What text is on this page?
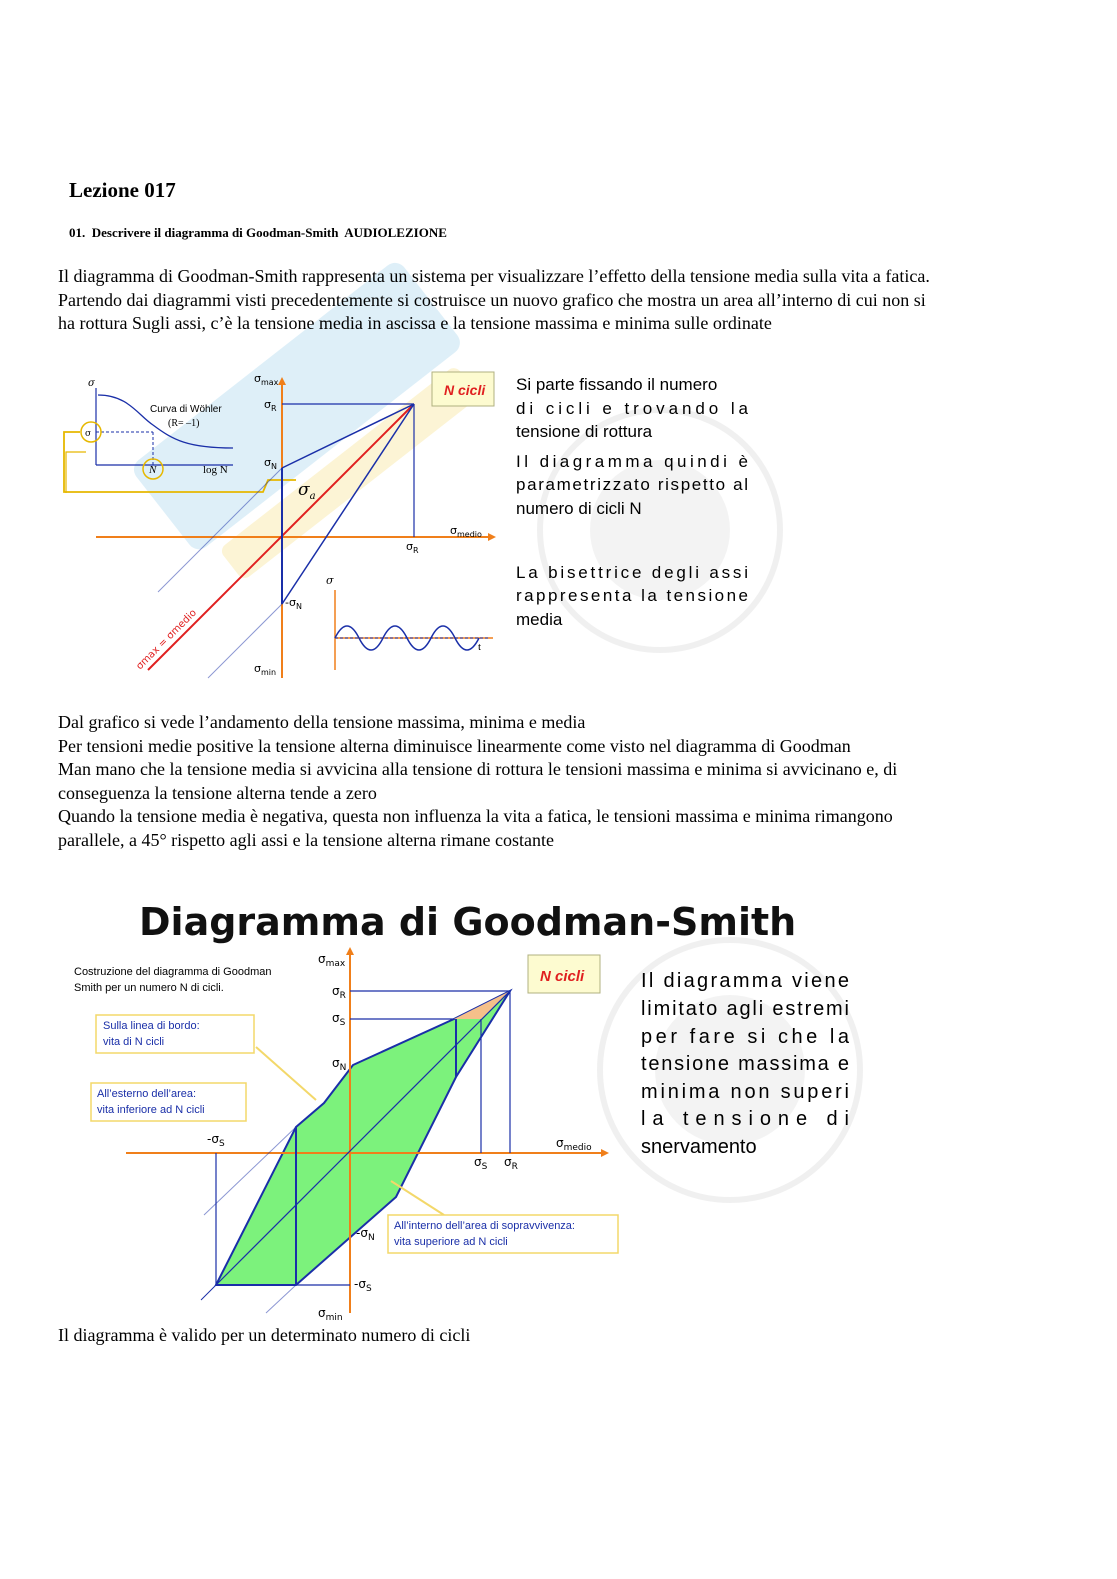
Lezione 017
01. Descrivere il diagramma di Goodman-Smith AUDIOLEZIONE

Il diagramma di Goodman-Smith rappresenta un sistema per visualizzare l’effetto della tensione media sulla vita a fatica.

Partendo dai diagrammi visti precedentemente si costruisce un nuovo grafico che mostra un area all’interno di cui non si

ha rottura Sugli assi, c’è la tensione media in ascissa e la tensione massima e minima sulle ordinate

σ
σ
Curva di Wöhler
(R= –1)
N	log N
$\sigma_{max}$
$\sigma_R$
$\sigma_N$
$\sigma_a$
$\sigma_{medio}$
$\sigma_R$
$-\sigma_N$
$\sigma_{min}$
σmax = σmedio
σ
t
N cicli Si parte fissando il numero
di cicli e trovando la
tensione di rottura
Il diagramma quindi è
parametrizzato rispetto al
numero di cicli N
La bisettrice degli assi
rappresenta la tensione
media

Dal grafico si vede l’andamento della tensione massima, minima e media

Per tensioni medie positive la tensione alterna diminuisce linearmente come visto nel diagramma di Goodman

Man mano che la tensione media si avvicina alla tensione di rottura le tensioni massima e minima si avvicinano e, di

conseguenza la tensione alterna tende a zero

Quando la tensione media è negativa, questa non influenza la vita a fatica, le tensioni massima e minima rimangono

parallele, a 45° rispetto agli assi e la tensione alterna rimane costante

Diagramma di Goodman-Smith
$\sigma_{max}$
$\sigma_R$
$\sigma_S$
$\sigma_N$
$-\sigma_S$	$\sigma_{medio}$
$\sigma_S$ $\sigma_R$
$-\sigma_N$
$-\sigma_S$
$\sigma_{min}$
Costruzione del diagramma di Goodman
Smith per un numero N di cicli.
Sulla linea di bordo:
vita di N cicli
All’esterno dell’area:
vita inferiore ad N cicli
All’interno dell’area di sopravvivenza:
vita superiore ad N cicli
N cicli	Il diagramma viene
limitato agli estremi
per fare si che la
tensione massima e
minima non superi
la tensione di
snervamento
Il diagramma è valido per un determinato numero di cicli
